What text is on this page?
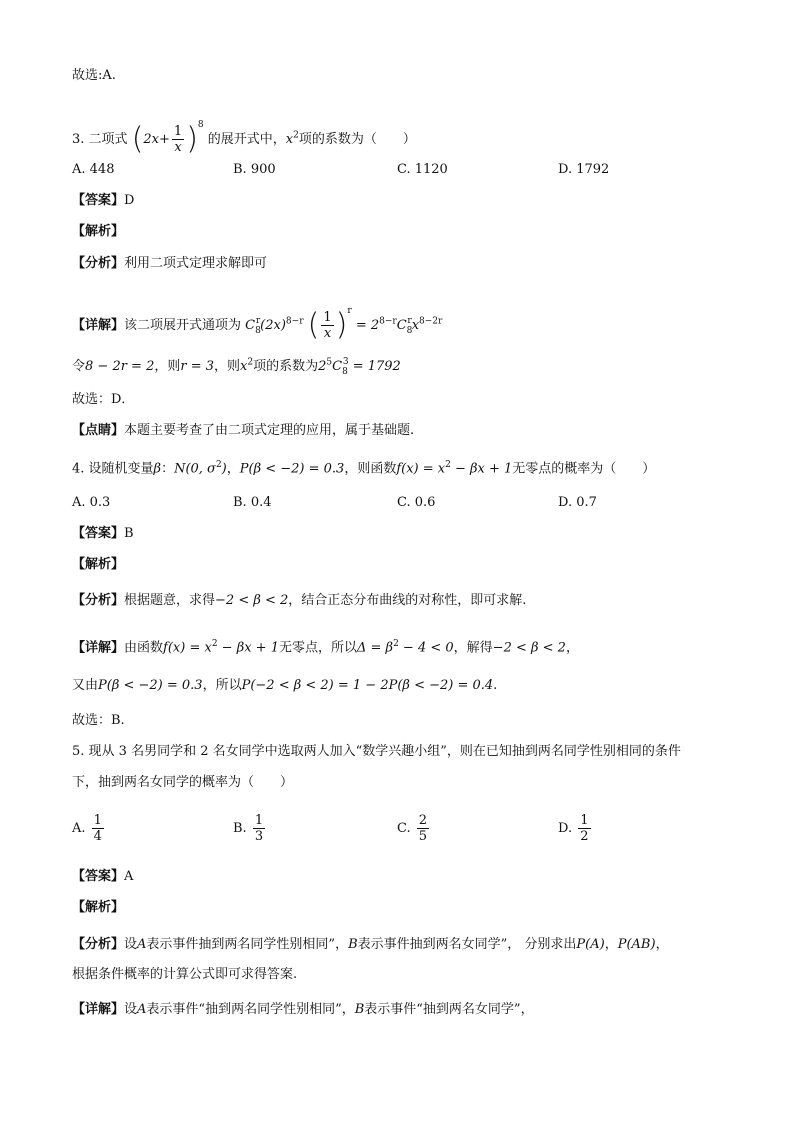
故选:A.
3. 二项式 $(2x+ \frac{1}{x} )^8$ 的展开式中，$x^2$项的系数为（　　）
A. 448	B. 900	C. 1120	D. 1792
【答案】D
【解析】
【分析】利用二项式定理求解即可
【详解】该二项展开式通项为 $C_8^r(2x)^{8-r}$ ( $\frac{1}{x} )^r = 2^{8-r}C_8^rx^{8-2r}$
令8 − 2r = 2，则r = 3，则$x^2$项的系数为$2^5C_8^3 = 1792$
故选：D．
【点睛】本题主要考查了由二项式定理的应用，属于基础题.
4. 设随机变量β：N(0, $\sigma^2$)，P(β < −2) = 0.3，则函数$f(x) = x^2 - \beta x + 1$无零点的概率为（　　）
A. 0.3	B. 0.4	C. 0.6	D. 0.7
【答案】B
【解析】
【分析】根据题意，求得−2 < β < 2，结合正态分布曲线的对称性，即可求解.
【详解】由函数$f(x) = x^2 - \beta x + 1$无零点，所以$\Delta = \beta^2 - 4 < 0$，解得−2 < β < 2，
又由P(β < −2) = 0.3，所以P(−2 < β < 2) = 1 − 2P(β < −2) = 0.4.
故选：B.
5. 现从 3 名男同学和 2 名女同学中选取两人加入“数学兴趣小组”，则在已知抽到两名同学性别相同的条件
下，抽到两名女同学的概率为（　　）
A. $\frac{1}{4}$	B. $\frac{1}{3}$	C. $\frac{2}{5}$	D. $\frac{1}{2}$
【答案】A
【解析】
【分析】设A表示事件抽到两名同学性别相同”，B表示事件抽到两名女同学”， 分别求出P(A)，P(AB)，
根据条件概率的计算公式即可求得答案.
【详解】设A表示事件“抽到两名同学性别相同”，B表示事件“抽到两名女同学”，
